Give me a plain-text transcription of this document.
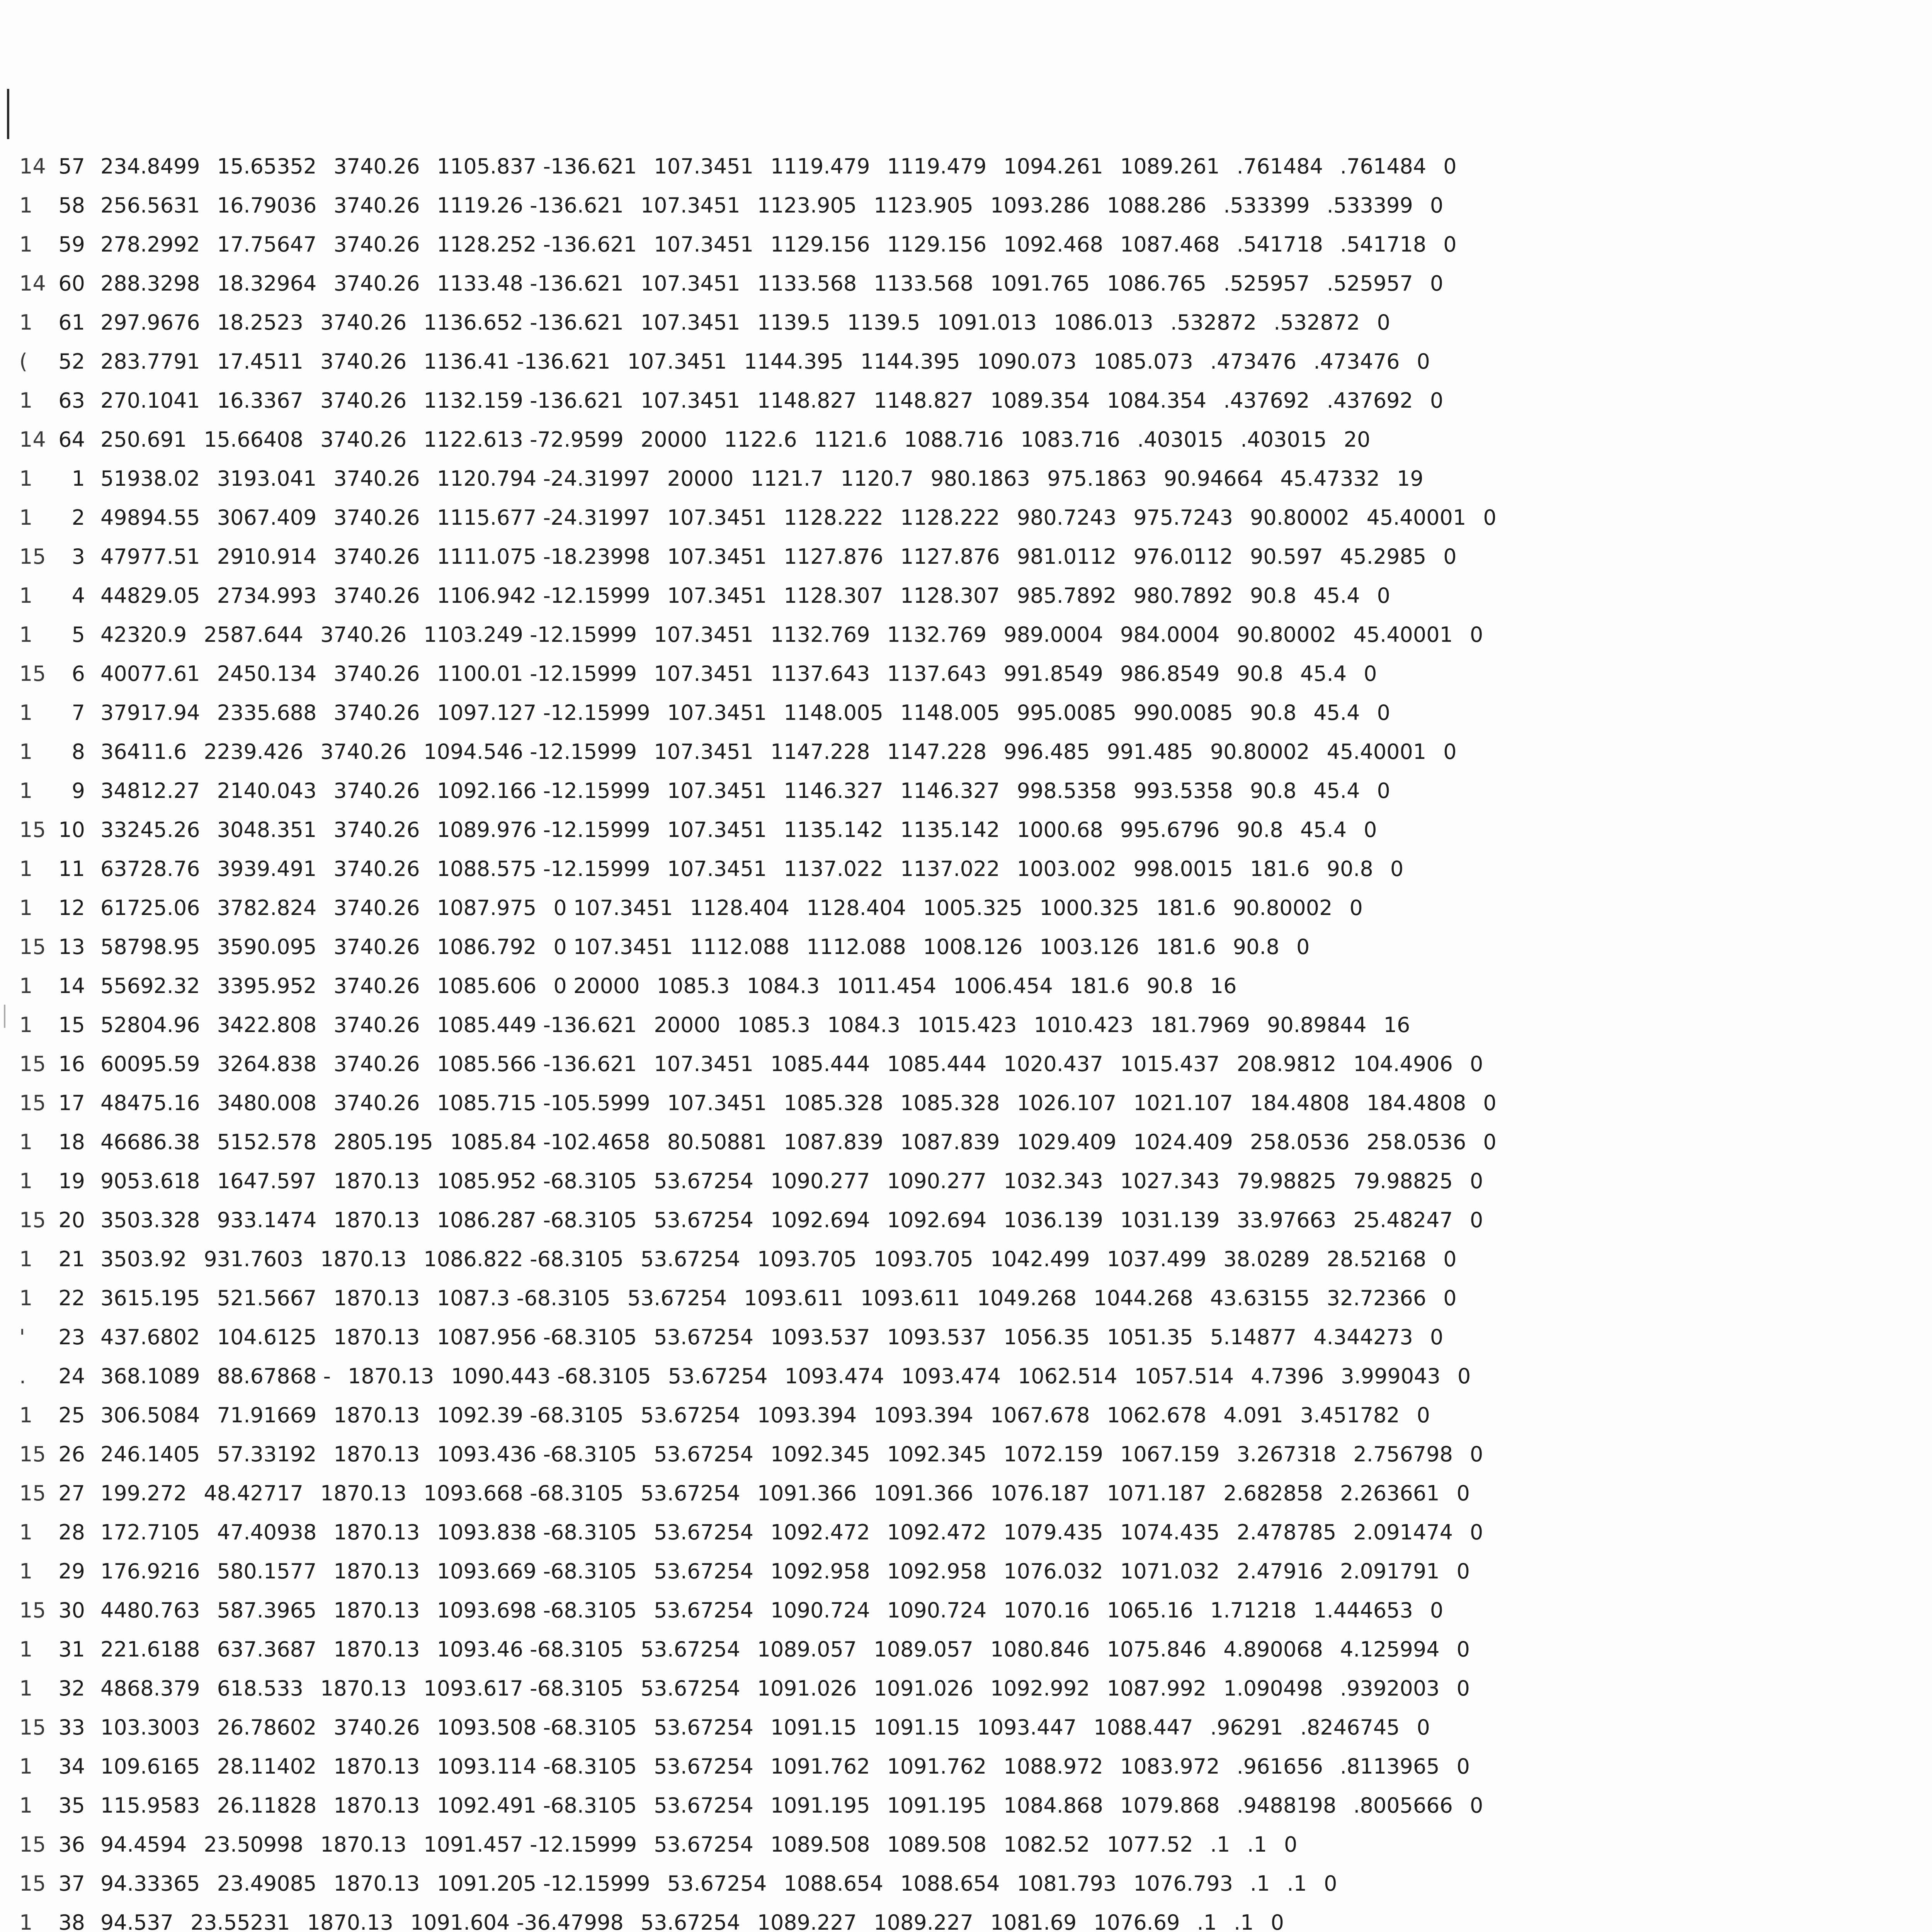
14 57 234.8499 15.65352 3740.26 1105.837 -136.621 107.3451 1119.479 1119.479 1094.261 1089.261 .761484 .761484 0
1 58 256.5631 16.79036 3740.26 1119.26 -136.621 107.3451 1123.905 1123.905 1093.286 1088.286 .533399 .533399 0
1 59 278.2992 17.75647 3740.26 1128.252 -136.621 107.3451 1129.156 1129.156 1092.468 1087.468 .541718 .541718 0
14 60 288.3298 18.32964 3740.26 1133.48 -136.621 107.3451 1133.568 1133.568 1091.765 1086.765 .525957 .525957 0
1 61 297.9676 18.2523 3740.26 1136.652 -136.621 107.3451 1139.5 1139.5 1091.013 1086.013 .532872 .532872 0
( 52 283.7791 17.4511 3740.26 1136.41 -136.621 107.3451 1144.395 1144.395 1090.073 1085.073 .473476 .473476 0
1 63 270.1041 16.3367 3740.26 1132.159 -136.621 107.3451 1148.827 1148.827 1089.354 1084.354 .437692 .437692 0
14 64 250.691 15.66408 3740.26 1122.613 -72.9599 20000 1122.6 1121.6 1088.716 1083.716 .403015 .403015 20
1 1 51938.02 3193.041 3740.26 1120.794 -24.31997 20000 1121.7 1120.7 980.1863 975.1863 90.94664 45.47332 19
1 2 49894.55 3067.409 3740.26 1115.677 -24.31997 107.3451 1128.222 1128.222 980.7243 975.7243 90.80002 45.40001 0
15 3 47977.51 2910.914 3740.26 1111.075 -18.23998 107.3451 1127.876 1127.876 981.0112 976.0112 90.597 45.2985 0
1 4 44829.05 2734.993 3740.26 1106.942 -12.15999 107.3451 1128.307 1128.307 985.7892 980.7892 90.8 45.4 0
1 5 42320.9 2587.644 3740.26 1103.249 -12.15999 107.3451 1132.769 1132.769 989.0004 984.0004 90.80002 45.40001 0
15 6 40077.61 2450.134 3740.26 1100.01 -12.15999 107.3451 1137.643 1137.643 991.8549 986.8549 90.8 45.4 0
1 7 37917.94 2335.688 3740.26 1097.127 -12.15999 107.3451 1148.005 1148.005 995.0085 990.0085 90.8 45.4 0
1 8 36411.6 2239.426 3740.26 1094.546 -12.15999 107.3451 1147.228 1147.228 996.485 991.485 90.80002 45.40001 0
1 9 34812.27 2140.043 3740.26 1092.166 -12.15999 107.3451 1146.327 1146.327 998.5358 993.5358 90.8 45.4 0
15 10 33245.26 3048.351 3740.26 1089.976 -12.15999 107.3451 1135.142 1135.142 1000.68 995.6796 90.8 45.4 0
1 11 63728.76 3939.491 3740.26 1088.575 -12.15999 107.3451 1137.022 1137.022 1003.002 998.0015 181.6 90.8 0
1 12 61725.06 3782.824 3740.26 1087.975 0 107.3451 1128.404 1128.404 1005.325 1000.325 181.6 90.80002 0
15 13 58798.95 3590.095 3740.26 1086.792 0 107.3451 1112.088 1112.088 1008.126 1003.126 181.6 90.8 0
1 14 55692.32 3395.952 3740.26 1085.606 0 20000 1085.3 1084.3 1011.454 1006.454 181.6 90.8 16
1 15 52804.96 3422.808 3740.26 1085.449 -136.621 20000 1085.3 1084.3 1015.423 1010.423 181.7969 90.89844 16
15 16 60095.59 3264.838 3740.26 1085.566 -136.621 107.3451 1085.444 1085.444 1020.437 1015.437 208.9812 104.4906 0
15 17 48475.16 3480.008 3740.26 1085.715 -105.5999 107.3451 1085.328 1085.328 1026.107 1021.107 184.4808 184.4808 0
1 18 46686.38 5152.578 2805.195 1085.84 -102.4658 80.50881 1087.839 1087.839 1029.409 1024.409 258.0536 258.0536 0
1 19 9053.618 1647.597 1870.13 1085.952 -68.3105 53.67254 1090.277 1090.277 1032.343 1027.343 79.98825 79.98825 0
15 20 3503.328 933.1474 1870.13 1086.287 -68.3105 53.67254 1092.694 1092.694 1036.139 1031.139 33.97663 25.48247 0
1 21 3503.92 931.7603 1870.13 1086.822 -68.3105 53.67254 1093.705 1093.705 1042.499 1037.499 38.0289 28.52168 0
1 22 3615.195 521.5667 1870.13 1087.3 -68.3105 53.67254 1093.611 1093.611 1049.268 1044.268 43.63155 32.72366 0
' 23 437.6802 104.6125 1870.13 1087.956 -68.3105 53.67254 1093.537 1093.537 1056.35 1051.35 5.14877 4.344273 0
. 24 368.1089 88.67868 - 1870.13 1090.443 -68.3105 53.67254 1093.474 1093.474 1062.514 1057.514 4.7396 3.999043 0
1 25 306.5084 71.91669 1870.13 1092.39 -68.3105 53.67254 1093.394 1093.394 1067.678 1062.678 4.091 3.451782 0
15 26 246.1405 57.33192 1870.13 1093.436 -68.3105 53.67254 1092.345 1092.345 1072.159 1067.159 3.267318 2.756798 0
15 27 199.272 48.42717 1870.13 1093.668 -68.3105 53.67254 1091.366 1091.366 1076.187 1071.187 2.682858 2.263661 0
1 28 172.7105 47.40938 1870.13 1093.838 -68.3105 53.67254 1092.472 1092.472 1079.435 1074.435 2.478785 2.091474 0
1 29 176.9216 580.1577 1870.13 1093.669 -68.3105 53.67254 1092.958 1092.958 1076.032 1071.032 2.47916 2.091791 0
15 30 4480.763 587.3965 1870.13 1093.698 -68.3105 53.67254 1090.724 1090.724 1070.16 1065.16 1.71218 1.444653 0
1 31 221.6188 637.3687 1870.13 1093.46 -68.3105 53.67254 1089.057 1089.057 1080.846 1075.846 4.890068 4.125994 0
1 32 4868.379 618.533 1870.13 1093.617 -68.3105 53.67254 1091.026 1091.026 1092.992 1087.992 1.090498 .9392003 0
15 33 103.3003 26.78602 3740.26 1093.508 -68.3105 53.67254 1091.15 1091.15 1093.447 1088.447 .96291 .8246745 0
1 34 109.6165 28.11402 1870.13 1093.114 -68.3105 53.67254 1091.762 1091.762 1088.972 1083.972 .961656 .8113965 0
1 35 115.9583 26.11828 1870.13 1092.491 -68.3105 53.67254 1091.195 1091.195 1084.868 1079.868 .9488198 .8005666 0
15 36 94.4594 23.50998 1870.13 1091.457 -12.15999 53.67254 1089.508 1089.508 1082.52 1077.52 .1 .1 0
15 37 94.33365 23.49085 1870.13 1091.205 -12.15999 53.67254 1088.654 1088.654 1081.793 1076.793 .1 .1 0
1 38 94.537 23.55231 1870.13 1091.604 -36.47998 53.67254 1089.227 1089.227 1081.69 1076.69 .1 .1 0
